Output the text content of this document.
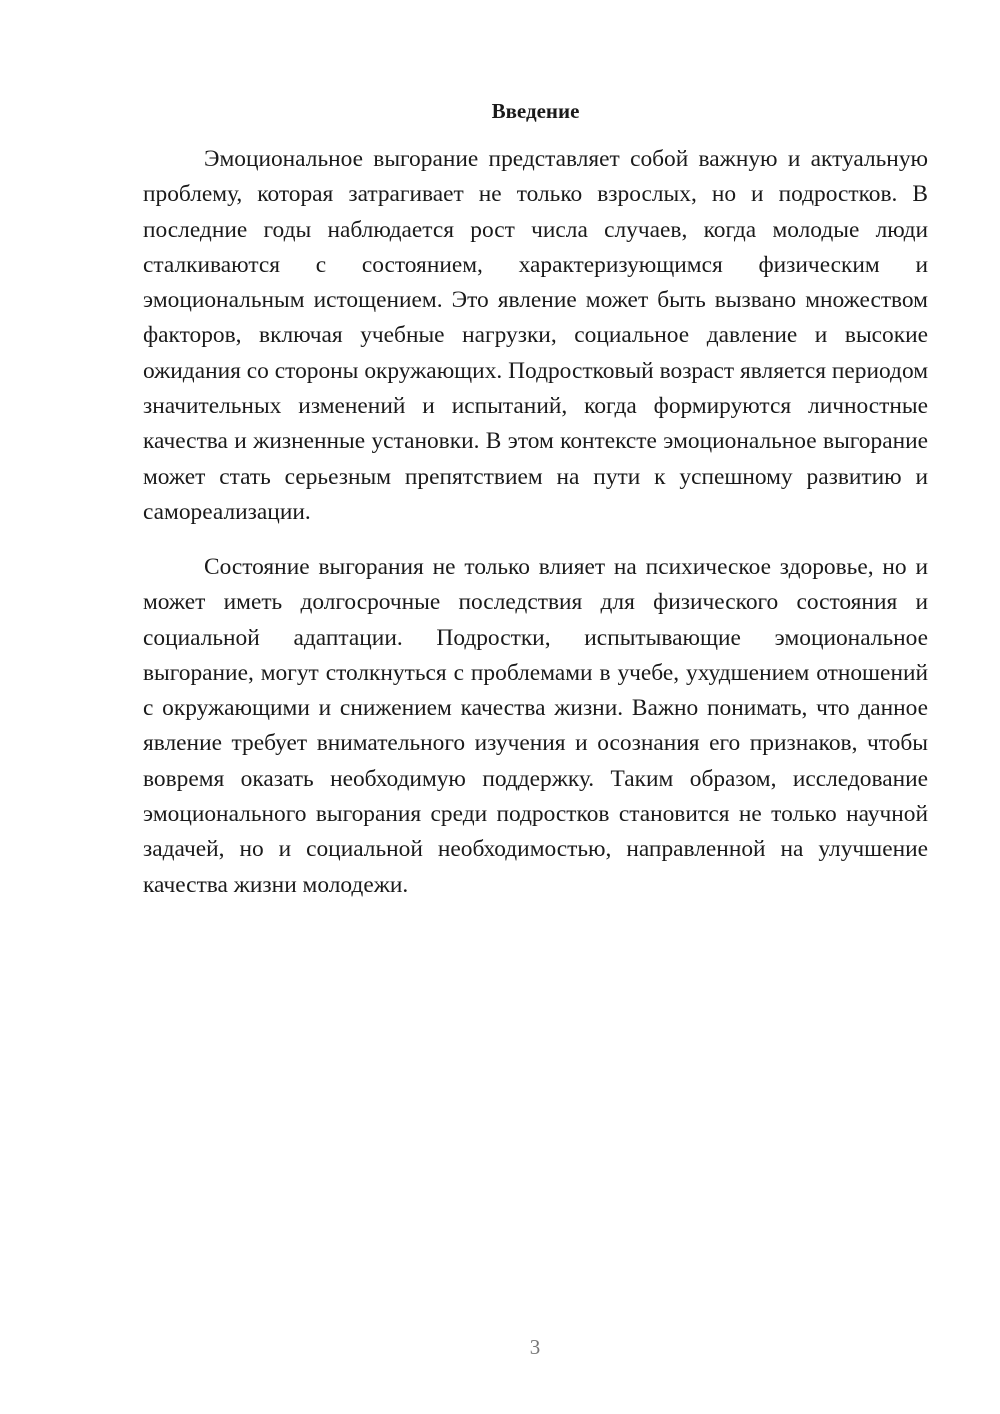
Введение

Эмоциональное выгорание представляет собой важную и актуальную проблему, которая затрагивает не только взрослых, но и подростков. В последние годы наблюдается рост числа случаев, когда молодые люди сталкиваются с состоянием, характеризующимся физическим и эмоциональным истощением. Это явление может быть вызвано множеством факторов, включая учебные нагрузки, социальное давление и высокие ожидания со стороны окружающих. Подростковый возраст является периодом значительных изменений и испытаний, когда формируются личностные качества и жизненные установки. В этом контексте эмоциональное выгорание может стать серьезным препятствием на пути к успешному развитию и самореализации.

Состояние выгорания не только влияет на психическое здоровье, но и может иметь долгосрочные последствия для физического состояния и социальной адаптации. Подростки, испытывающие эмоциональное выгорание, могут столкнуться с проблемами в учебе, ухудшением отношений с окружающими и снижением качества жизни. Важно понимать, что данное явление требует внимательного изучения и осознания его признаков, чтобы вовремя оказать необходимую поддержку. Таким образом, исследование эмоционального выгорания среди подростков становится не только научной задачей, но и социальной необходимостью, направленной на улучшение качества жизни молодежи.

3
